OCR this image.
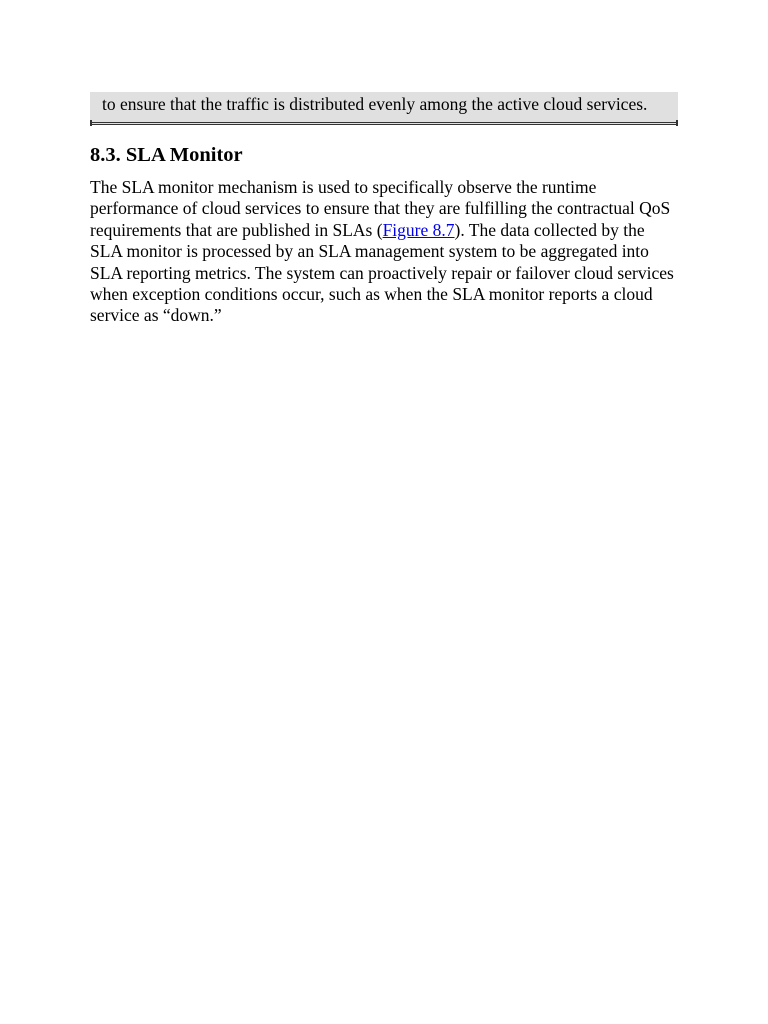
to ensure that the traffic is distributed evenly among the active cloud services.

8.3. SLA Monitor

The SLA monitor mechanism is used to specifically observe the runtime performance of cloud services to ensure that they are fulfilling the contractual QoS requirements that are published in SLAs (Figure 8.7). The data collected by the SLA monitor is processed by an SLA management system to be aggregated into SLA reporting metrics. The system can proactively repair or failover cloud services when exception conditions occur, such as when the SLA monitor reports a cloud service as “down.”
